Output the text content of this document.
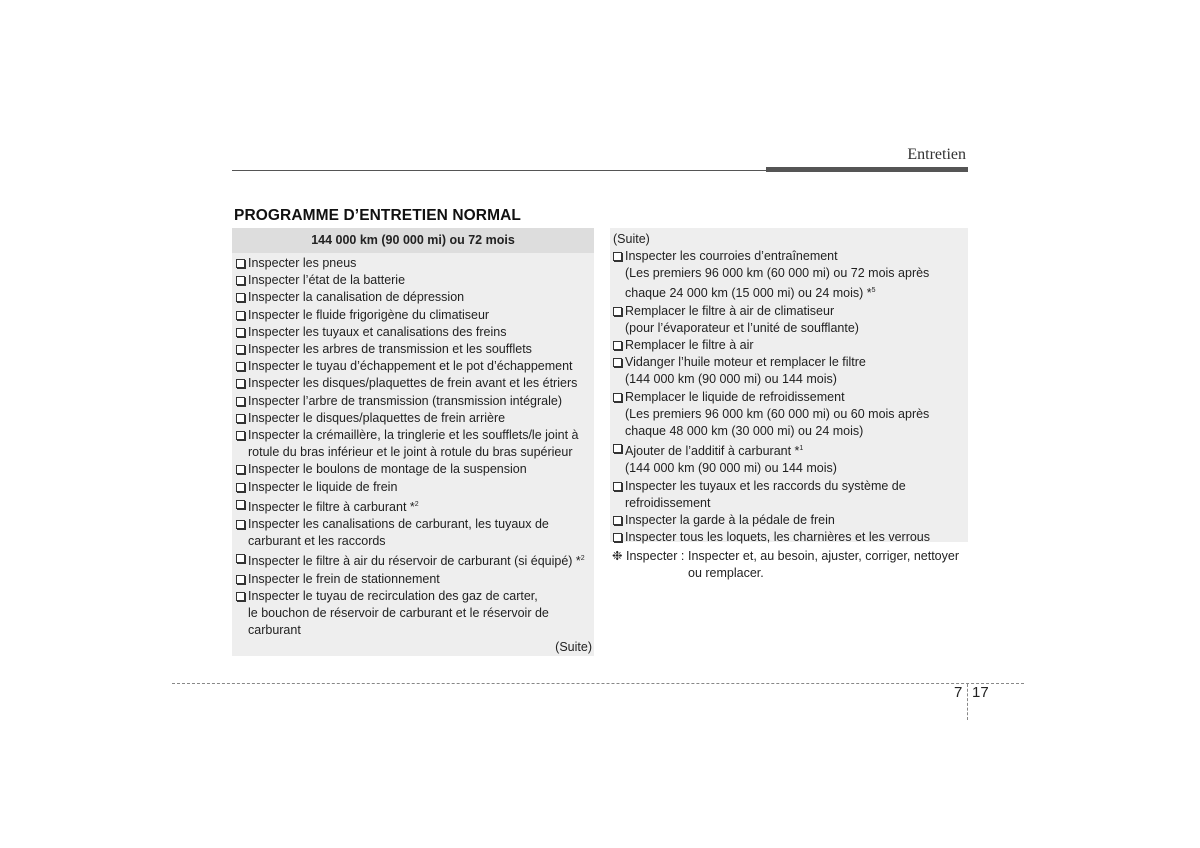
Entretien
PROGRAMME D’ENTRETIEN NORMAL
144 000 km (90 000 mi) ou 72 mois
Inspecter les pneus
Inspecter l’état de la batterie
Inspecter la canalisation de dépression
Inspecter le fluide frigorigène du climatiseur
Inspecter les tuyaux et canalisations des freins
Inspecter les arbres de transmission et les soufflets
Inspecter le tuyau d’échappement et le pot d’échappement
Inspecter les disques/plaquettes de frein avant et les étriers
Inspecter l’arbre de transmission (transmission intégrale)
Inspecter le disques/plaquettes de frein arrière
Inspecter la crémaillère, la tringlerie et les soufflets/le joint à
rotule du bras inférieur et le joint à rotule du bras supérieur
Inspecter le boulons de montage de la suspension
Inspecter le liquide de frein
Inspecter le filtre à carburant *$^2$
Inspecter les canalisations de carburant, les tuyaux de
carburant et les raccords
Inspecter le filtre à air du réservoir de carburant (si équipé) *$^2$
Inspecter le frein de stationnement
Inspecter le tuyau de recirculation des gaz de carter,
le bouchon de réservoir de carburant et le réservoir de
carburant
(Suite)
(Suite)
Inspecter les courroies d’entraînement
(Les premiers 96 000 km (60 000 mi) ou 72 mois après
chaque 24 000 km (15 000 mi) ou 24 mois) *$^5$
Remplacer le filtre à air de climatiseur
(pour l’évaporateur et l’unité de soufflante)
Remplacer le filtre à air
Vidanger l’huile moteur et remplacer le filtre
(144 000 km (90 000 mi) ou 144 mois)
Remplacer le liquide de refroidissement
(Les premiers 96 000 km (60 000 mi) ou 60 mois après
chaque 48 000 km (30 000 mi) ou 24 mois)
Ajouter de l’additif à carburant *$^1$
(144 000 km (90 000 mi) ou 144 mois)
Inspecter les tuyaux et les raccords du système de
refroidissement
Inspecter la garde à la pédale de frein
Inspecter tous les loquets, les charnières et les verrous
❉ Inspecter : Inspecter et, au besoin, ajuster, corriger, nettoyer
ou remplacer.
7 17
